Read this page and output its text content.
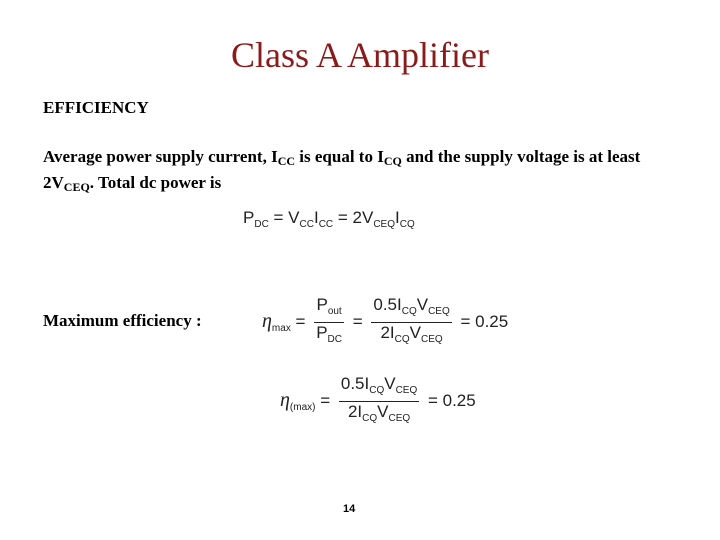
Class A Amplifier
EFFICIENCY
Average power supply current, $I_{CC}$ is equal to $I_{CQ}$ and the supply voltage is at least $2V_{CEQ}$. Total dc power is
$P_{DC} = V_{CC}I_{CC} = 2V_{CEQ}I_{CQ}$
Maximum efficiency :	$\eta_{max} = \frac{P_{out}}{P_{DC}} = \frac{0.5I_{CQ}V_{CEQ}}{2I_{CQ}V_{CEQ}} = 0.25$
$\eta_{(max)} = \frac{0.5I_{CQ}V_{CEQ}}{2I_{CQ}V_{CEQ}} = 0.25$
14
